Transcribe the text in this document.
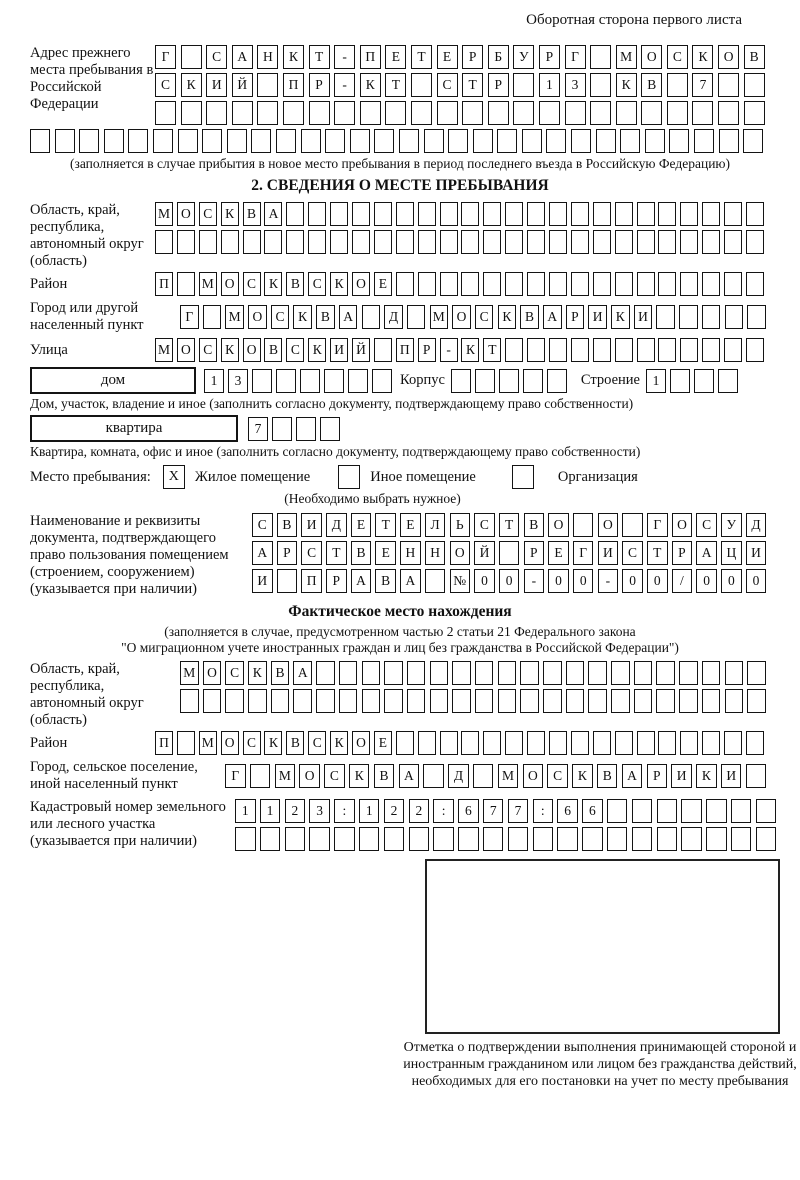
Оборотная сторона первого листа
Адрес прежнего места пребывания в Российской Федерации
Г	С	А	Н	К	Т	-	П	Е	Т	Е	Р	Б	У	Р	Г	М	О	С	К	О	В
С	К	И	Й	П	Р	-	К	Т	С	Т	Р	1	3	К	В	7
(заполняется в случае прибытия в новое место пребывания в период последнего въезда в Российскую Федерацию)
2. СВЕДЕНИЯ О МЕСТЕ ПРЕБЫВАНИЯ
Область, край, республика, автономный округ (область)
М О С К В А
Район	П	М О С К В С К О Е
Город или другой населенный пункт
Г	М О С	К	В А	Д	М О С	К	В А	Р	И К И
Улица	М О С К О В С К И Й	П Р	-	К Т
дом	1	3	Корпус	Строение 1
Дом, участок, владение и иное (заполнить согласно документу, подтверждающему право собственности)
квартира	7
Квартира, комната, офис и иное (заполнить согласно документу, подтверждающему право собственности)
Место пребывания:	X	Жилое помещение	Иное помещение	Организация
(Необходимо выбрать нужное)
Наименование и реквизиты документа, подтверждающего право пользования помещением (строением, сооружением) (указывается при наличии)
С	В	И	Д	Е	Т	Е	Л	Ь	С	Т	В	О	О	Г	О	С	У	Д
А	Р	С	Т	В	Е	Н	Н	О	Й	Р	Е	Г	И	С	Т	Р	А	Ц	И
И	П	Р	А	В	А	№	0	0	-	0	0	-	0	0	/	0	0	0
Фактическое место нахождения
(заполняется в случае, предусмотренном частью 2 статьи 21 Федерального закона
"О миграционном учете иностранных граждан и лиц без гражданства в Российской Федерации")
Область, край, республика, автономный округ (область)
М О С	К	В А
Район	П	М О С К В С К О Е
Город, сельское поселение, иной населенный пункт
Г	М	О	С	К	В	А	Д	М	О	С	К	В	А	Р	И	К	И
Кадастровый номер земельного или лесного участка (указывается при наличии)
1	1	2	3	:	1	2	2	:	6	7	7	:	6	6
Отметка о подтверждении выполнения принимающей стороной и иностранным гражданином или лицом без гражданства действий, необходимых для его постановки на учет по месту пребывания
